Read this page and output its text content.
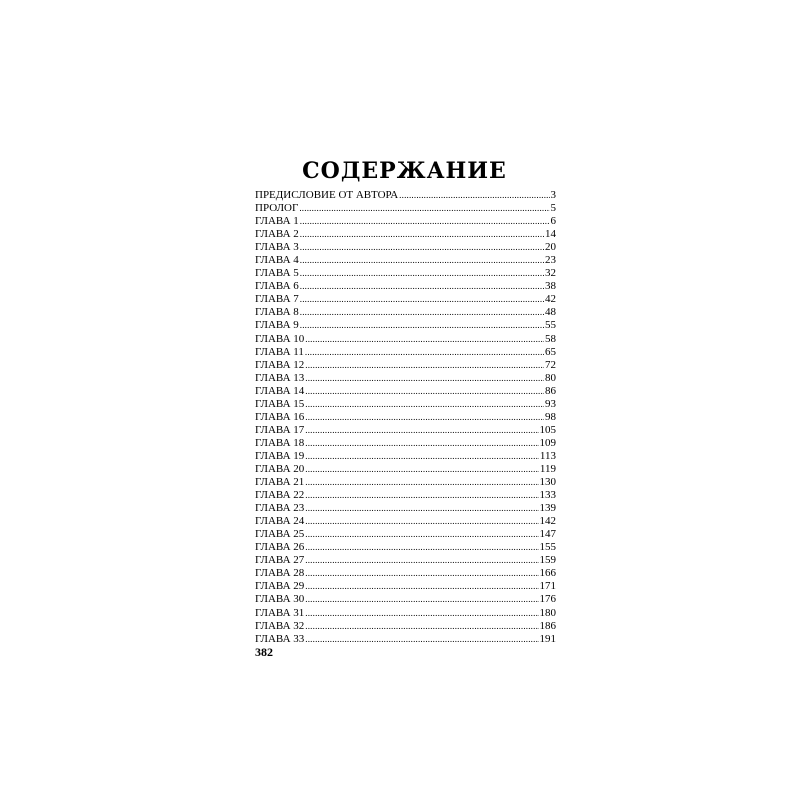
СОДЕРЖАНИЕ
ПРЕДИСЛОВИЕ ОТ АВТОРА .....	3
ПРОЛОГ .....	5
ГЛАВА 1 .....	6
ГЛАВА 2 .....	14
ГЛАВА 3 .....	20
ГЛАВА 4 .....	23
ГЛАВА 5 .....	32
ГЛАВА 6 .....	38
ГЛАВА 7 .....	42
ГЛАВА 8 .....	48
ГЛАВА 9 .....	55
ГЛАВА 10 .....	58
ГЛАВА 11 .....	65
ГЛАВА 12 .....	72
ГЛАВА 13 .....	80
ГЛАВА 14 .....	86
ГЛАВА 15 .....	93
ГЛАВА 16 .....	98
ГЛАВА 17 .....	105
ГЛАВА 18 .....	109
ГЛАВА 19 .....	113
ГЛАВА 20 .....	119
ГЛАВА 21 .....	130
ГЛАВА 22 .....	133
ГЛАВА 23 .....	139
ГЛАВА 24 .....	142
ГЛАВА 25 .....	147
ГЛАВА 26 .....	155
ГЛАВА 27 .....	159
ГЛАВА 28 .....	166
ГЛАВА 29 .....	171
ГЛАВА 30 .....	176
ГЛАВА 31 .....	180
ГЛАВА 32 .....	186
ГЛАВА 33 .....	191
382
